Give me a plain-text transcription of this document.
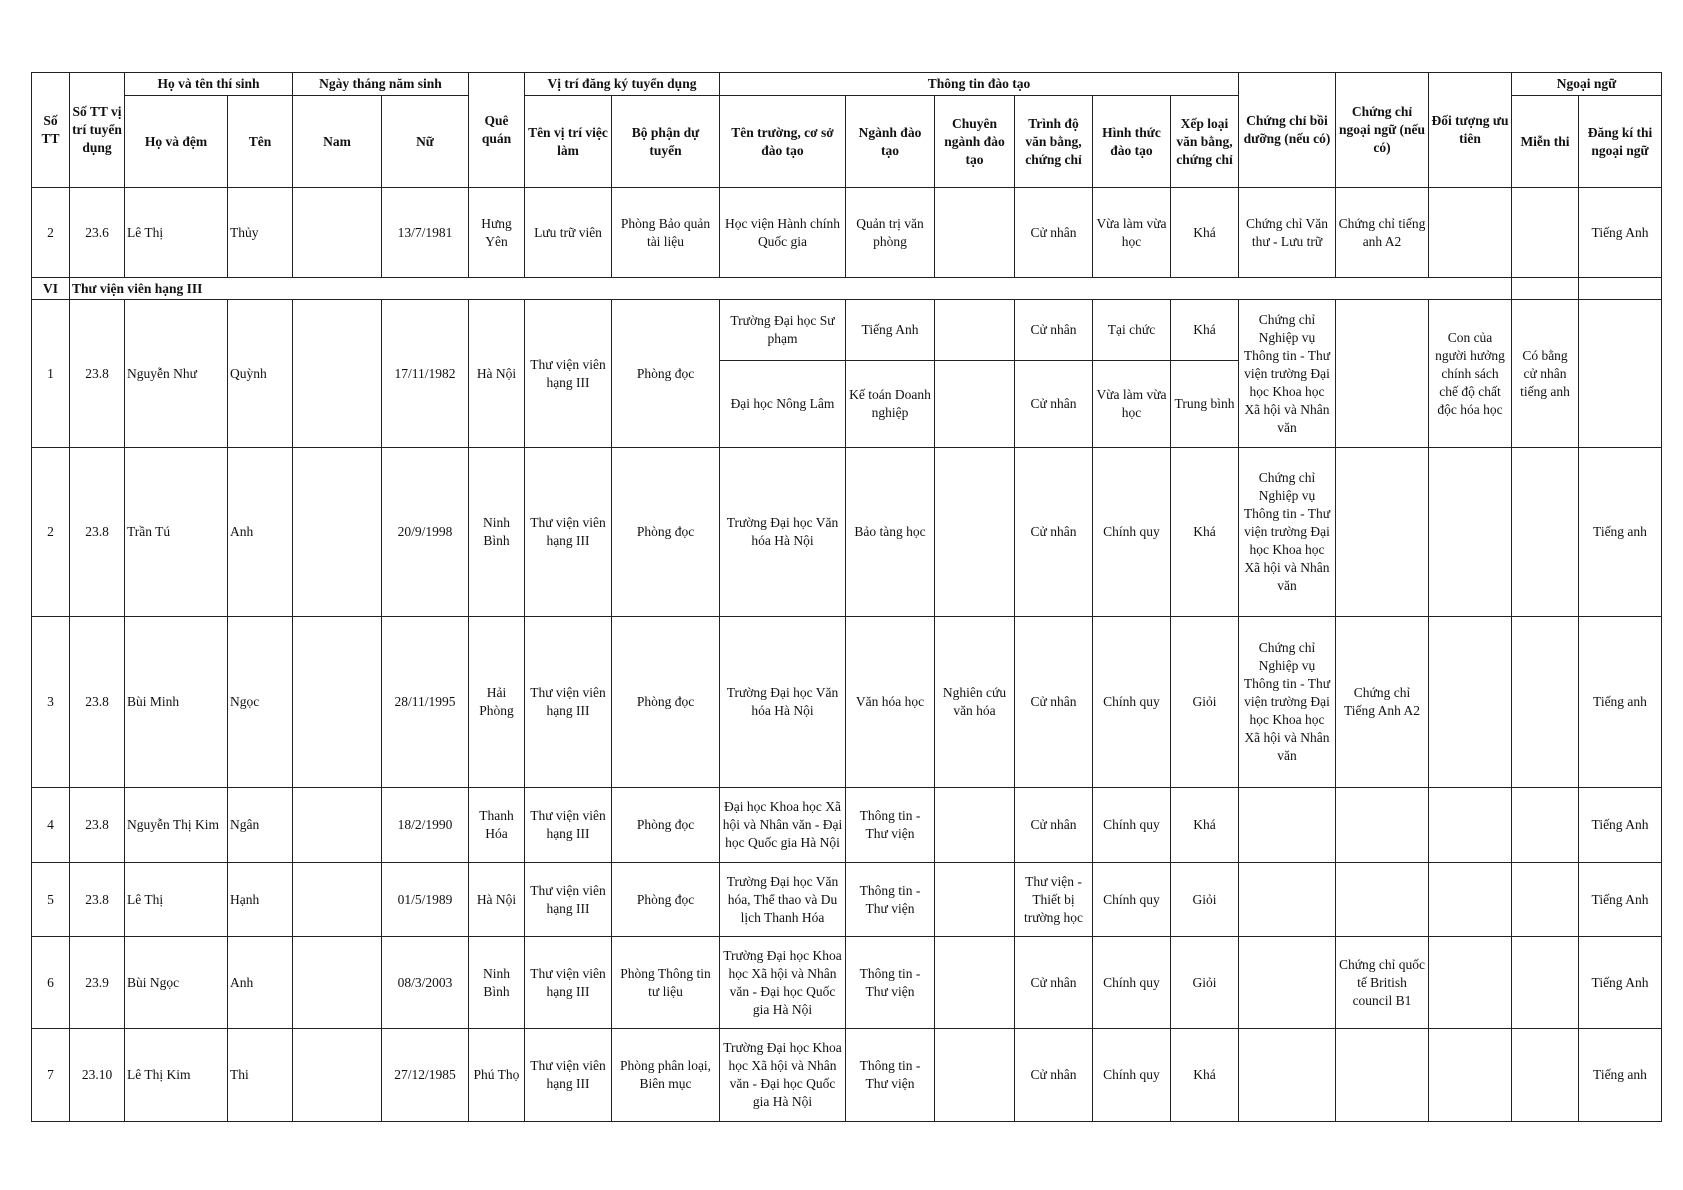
Số TT	Số TT vị trí tuyển dụng	Họ và tên thí sinh		Ngày tháng năm sinh		Quê quán	Vị trí đăng ký tuyển dụng		Thông tin đào tạo						Chứng chỉ bồi dưỡng (nếu có)	Chứng chỉ ngoại ngữ (nếu có)	Đối tượng ưu tiên	Ngoại ngữ	
		Họ và đệm	Tên	Nam	Nữ		Tên vị trí việc làm	Bộ phận dự tuyển	Tên trường, cơ sở đào tạo	Ngành đào tạo	Chuyên ngành đào tạo	Trình độ văn bằng, chứng chỉ	Hình thức đào tạo	Xếp loại văn bằng, chứng chỉ				Miễn thi	Đăng kí thi ngoại ngữ
2	23.6	Lê Thị	Thủy		13/7/1981	Hưng Yên	Lưu trữ viên	Phòng Bảo quản tài liệu	Học viện Hành chính Quốc gia	Quản trị văn phòng		Cử nhân	Vừa làm vừa học	Khá	Chứng chỉ Văn thư - Lưu trữ	Chứng chỉ tiếng anh A2			Tiếng Anh
VI	Thư viện viên hạng III																		
1	23.8	Nguyễn Như	Quỳnh		17/11/1982	Hà Nội	Thư viện viên hạng III	Phòng đọc	Trường Đại học Sư phạm	Tiếng Anh		Cử nhân	Tại chức	Khá	Chứng chỉ Nghiệp vụ Thông tin - Thư viện trường Đại học Khoa học Xã hội và Nhân văn		Con của người hưởng chính sách chế độ chất độc hóa học	Có bằng cử nhân tiếng anh	
									Đại học Nông Lâm	Kế toán Doanh nghiệp		Cử nhân	Vừa làm vừa học	Trung bình					
2	23.8	Trần Tú	Anh		20/9/1998	Ninh Bình	Thư viện viên hạng III	Phòng đọc	Trường Đại học Văn hóa Hà Nội	Bảo tàng học		Cử nhân	Chính quy	Khá	Chứng chỉ Nghiệp vụ Thông tin - Thư viện trường Đại học Khoa học Xã hội và Nhân văn				Tiếng anh
3	23.8	Bùi Minh	Ngọc		28/11/1995	Hải Phòng	Thư viện viên hạng III	Phòng đọc	Trường Đại học Văn hóa Hà Nội	Văn hóa học	Nghiên cứu văn hóa	Cử nhân	Chính quy	Giỏi	Chứng chỉ Nghiệp vụ Thông tin - Thư viện trường Đại học Khoa học Xã hội và Nhân văn	Chứng chỉ Tiếng Anh A2			Tiếng anh
4	23.8	Nguyễn Thị Kim	Ngân		18/2/1990	Thanh Hóa	Thư viện viên hạng III	Phòng đọc	Đại học Khoa học Xã hội và Nhân văn - Đại học Quốc gia Hà Nội	Thông tin - Thư viện		Cử nhân	Chính quy	Khá					Tiếng Anh
5	23.8	Lê Thị	Hạnh		01/5/1989	Hà Nội	Thư viện viên hạng III	Phòng đọc	Trường Đại học Văn hóa, Thể thao và Du lịch Thanh Hóa	Thông tin - Thư viện		Thư viện - Thiết bị trường học	Chính quy	Giỏi					Tiếng Anh
6	23.9	Bùi Ngọc	Anh		08/3/2003	Ninh Bình	Thư viện viên hạng III	Phòng Thông tin tư liệu	Trường Đại học Khoa học Xã hội và Nhân văn - Đại học Quốc gia Hà Nội	Thông tin - Thư viện		Cử nhân	Chính quy	Giỏi		Chứng chỉ quốc tế British council B1			Tiếng Anh
7	23.10	Lê Thị Kim	Thi		27/12/1985	Phú Thọ	Thư viện viên hạng III	Phòng phân loại, Biên mục	Trường Đại học Khoa học Xã hội và Nhân văn - Đại học Quốc gia Hà Nội	Thông tin - Thư viện		Cử nhân	Chính quy	Khá					Tiếng anh
